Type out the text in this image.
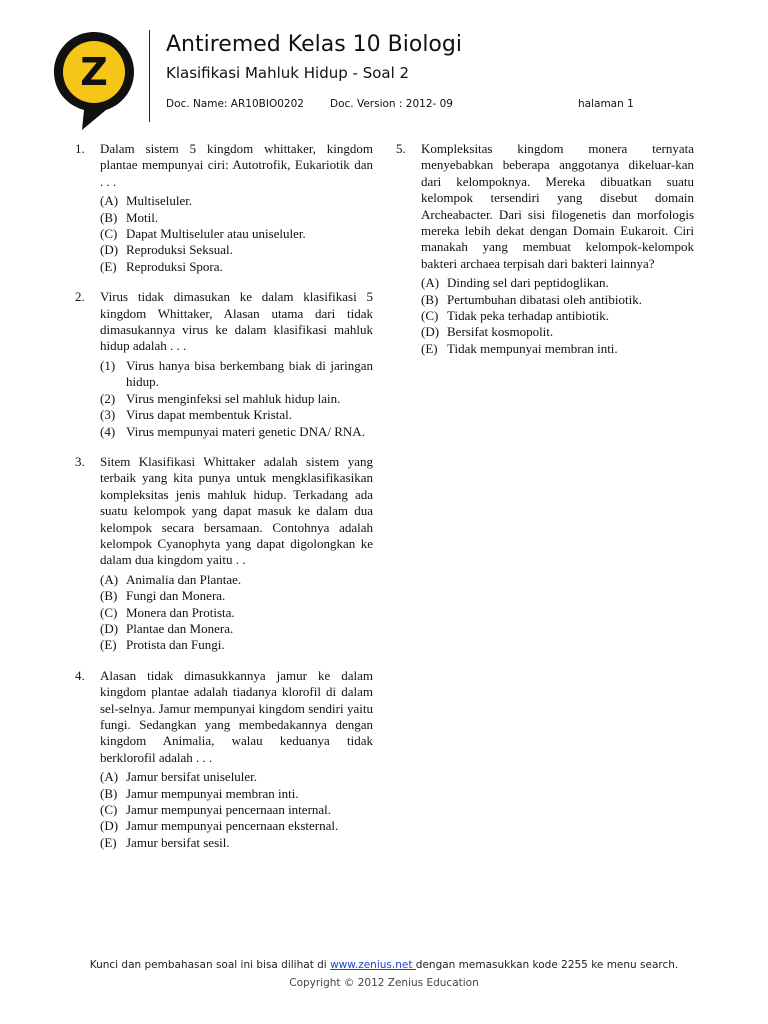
Z
Antiremed Kelas 10 Biologi
Klasifikasi Mahluk Hidup - Soal 2
Doc. Name: AR10BIO0202 Doc. Version : 2012- 09	halaman 1
1.	Dalam sistem 5 kingdom whittaker, kingdom plantae mempunyai ciri: Autotrofik, Eukariotik dan . . .
(A) Multiseluler.
(B) Motil.
(C) Dapat Multiseluler atau uniseluler.
(D) Reproduksi Seksual.
(E) Reproduksi Spora.
2.	Virus tidak dimasukan ke dalam klasifikasi 5 kingdom Whittaker, Alasan utama dari tidak dimasukannya virus ke dalam klasifikasi mahluk hidup adalah . . .
(1) Virus hanya bisa berkembang biak di jaringan hidup.
(2) Virus menginfeksi sel mahluk hidup lain.
(3) Virus dapat membentuk Kristal.
(4) Virus mempunyai materi genetic DNA/ RNA.
3.	Sitem Klasifikasi Whittaker adalah sistem yang terbaik yang kita punya untuk mengklasifikasikan kompleksitas jenis mahluk hidup. Terkadang ada suatu kelompok yang dapat masuk ke dalam dua kelompok secara bersamaan. Contohnya adalah kelompok Cyanophyta yang dapat digolongkan ke dalam dua kingdom yaitu . .
(A) Animalia dan Plantae.
(B) Fungi dan Monera.
(C) Monera dan Protista.
(D) Plantae dan Monera.
(E) Protista dan Fungi.
4.	Alasan tidak dimasukkannya jamur ke dalam kingdom plantae adalah tiadanya klorofil di dalam sel-selnya. Jamur mempunyai kingdom sendiri yaitu fungi. Sedangkan yang membedakannya dengan kingdom Animalia, walau keduanya tidak berklorofil adalah . . .
(A) Jamur bersifat uniseluler.
(B) Jamur mempunyai membran inti.
(C) Jamur mempunyai pencernaan internal.
(D) Jamur mempunyai pencernaan eksternal.
(E) Jamur bersifat sesil.
5.	Kompleksitas kingdom monera ternyata menyebabkan beberapa anggotanya dikeluar-kan dari kelompoknya. Mereka dibuatkan suatu kelompok tersendiri yang disebut domain Archeabacter. Dari sisi filogenetis dan morfologis mereka lebih dekat dengan Domain Eukaroit. Ciri manakah yang membuat kelompok-kelompok bakteri archaea terpisah dari bakteri lainnya?
(A) Dinding sel dari peptidoglikan.
(B) Pertumbuhan dibatasi oleh antibiotik.
(C) Tidak peka terhadap antibiotik.
(D) Bersifat kosmopolit.
(E) Tidak mempunyai membran inti.
Kunci dan pembahasan soal ini bisa dilihat di www.zenius.net dengan memasukkan kode 2255 ke menu search.
Copyright © 2012 Zenius Education
